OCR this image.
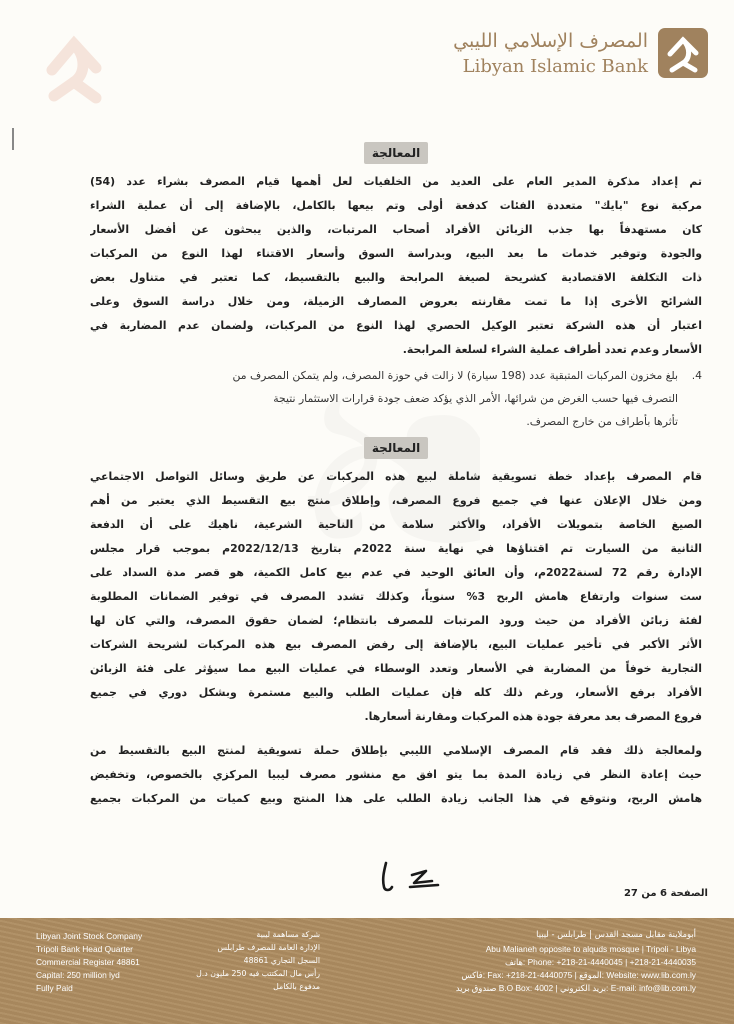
المصرف الإسلامي الليبي
Libyan Islamic Bank
المعالجة

تم إعداد مذكرة المدير العام على العديد من الخلفيات لعل أهمها قيام المصرف بشراء عدد (54)
مركبة نوع "بايك" متعددة الفئات كدفعة أولى وتم بيعها بالكامل، بالإضافة إلى أن عملية الشراء
كان مستهدفاً بها جذب الزبائن الأفراد أصحاب المرتبات، والذين يبحثون عن أفضل الأسعار
والجودة وتوفير خدمات ما بعد البيع، وبدراسة السوق وأسعار الاقتناء لهذا النوع من المركبات
ذات التكلفة الاقتصادية كشريحة لصيغة المرابحة والبيع بالتقسيط، كما تعتبر في متناول بعض
الشرائح الأخرى إذا ما تمت مقارنته بعروض المصارف الزميلة، ومن خلال دراسة السوق وعلى
اعتبار أن هذه الشركة تعتبر الوكيل الحصري لهذا النوع من المركبات، ولضمان عدم المضاربة في
الأسعار وعدم تعدد أطراف عملية الشراء لسلعة المرابحة.

4.
بلغ مخزون المركبات المتبقية عدد (198 سيارة) لا زالت في حوزة المصرف، ولم يتمكن المصرف من
التصرف فيها حسب الغرض من شرائها، الأمر الذي يؤكد ضعف جودة قرارات الاستثمار نتيجة
تأثرها بأطراف من خارج المصرف.
المعالجة

قام المصرف بإعداد خطة تسويقية شاملة لبيع هذه المركبات عن طريق وسائل التواصل الاجتماعي
ومن خلال الإعلان عنها في جميع فروع المصرف، وإطلاق منتج بيع التقسيط الذي يعتبر من أهم
الصيغ الخاصة بتمويلات الأفراد، والأكثر سلامة من الناحية الشرعية، ناهيك على أن الدفعة
الثانية من السيارت تم اقتناؤها في نهاية سنة 2022م بتاريخ 2022/12/13م بموجب قرار مجلس
الإدارة رقم 72 لسنة2022م، وأن العائق الوحيد في عدم بيع كامل الكمية، هو قصر مدة السداد على
ست سنوات وارتفاع هامش الربح 3% سنوياً، وكذلك تشدد المصرف في توفير الضمانات المطلوبة
لفئة زبائن الأفراد من حيث ورود المرتبات للمصرف بانتظام؛ لضمان حقوق المصرف، والتي كان لها
الأثر الأكبر في تأخير عمليات البيع، بالإضافة إلى رفض المصرف بيع هذه المركبات لشريحة الشركات
التجارية خوفاً من المضاربة في الأسعار وتعدد الوسطاء في عمليات البيع مما سيؤثر على فئة الزبائن
الأفراد برفع الأسعار، ورغم ذلك كله فإن عمليات الطلب والبيع مستمرة وبشكل دوري في جميع
فروع المصرف بعد معرفة جودة هذه المركبات ومقارنة أسعارها.

ولمعالجة ذلك فقد قام المصرف الإسلامي الليبي بإطلاق حملة تسويقية لمنتج البيع بالتقسيط من
حيث إعادة النظر في زيادة المدة بما يتو افق مع منشور مصرف ليبيا المركزي بالخصوص، وتخفيض
هامش الربح، ونتوقع في هذا الجانب زيادة الطلب على هذا المنتج وبيع كميات من المركبات بجميع

الصفحة 6 من 27
Libyan Joint Stock Company
Tripoli Bank Head Quarter
Commercial Register 48861
Capital: 250 million lyd
Fully Paid
شركة مساهمة ليبية
الإدارة العامة للمصرف طرابلس
السجل التجاري 48861
رأس مال المكتتب فيه 250 مليون د.ل
مدفوع بالكامل
أبوملاينة مقابل مسجد القدس | طرابلس - ليبيا
Abu Malianeh opposite to alquds mosque | Tripoli - Libya
هاتف: Phone: +218-21-4440045 | +218-21-4440035
فاكس: Fax: +218-21-4440075 | الموقع: Website: www.lib.com.ly
صندوق بريد B.O Box: 4002 | بريد الكتروني: E-mail: info@lib.com.ly
